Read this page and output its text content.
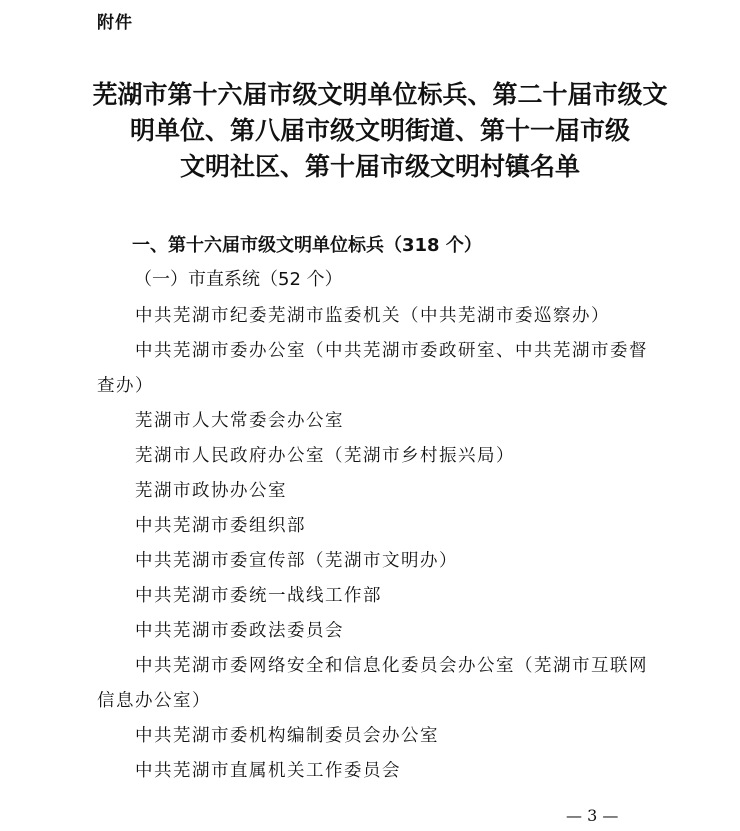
附件
芜湖市第十六届市级文明单位标兵、第二十届市级文
明单位、第八届市级文明街道、第十一届市级
文明社区、第十届市级文明村镇名单
一、第十六届市级文明单位标兵（318 个）
（一）市直系统（52 个）
中共芜湖市纪委芜湖市监委机关（中共芜湖市委巡察办）
中共芜湖市委办公室（中共芜湖市委政研室、中共芜湖市委督查办）
芜湖市人大常委会办公室
芜湖市人民政府办公室（芜湖市乡村振兴局）
芜湖市政协办公室
中共芜湖市委组织部
中共芜湖市委宣传部（芜湖市文明办）
中共芜湖市委统一战线工作部
中共芜湖市委政法委员会
中共芜湖市委网络安全和信息化委员会办公室（芜湖市互联网信息办公室）
中共芜湖市委机构编制委员会办公室
中共芜湖市直属机关工作委员会
— 3 —
